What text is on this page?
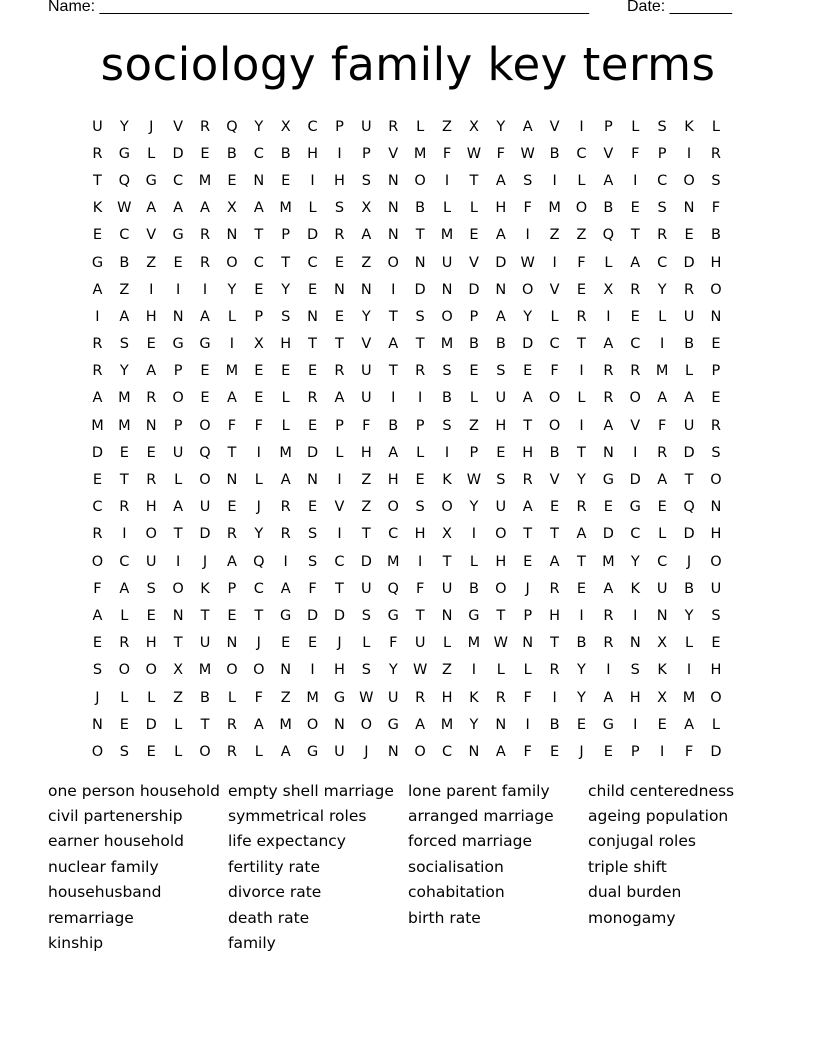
Name: _______________________________________________________ Date: _______
sociology family key terms
U	Y	J	V	R	Q	Y	X	C	P	U	R	L	Z	X	Y	A	V	I	P	L	S	K	L
R	G	L	D	E	B	C	B	H	I	P	V	M	F	W	F	W	B	C	V	F	P	I	R
T	Q	G	C	M	E	N	E	I	H	S	N	O	I	T	A	S	I	L	A	I	C	O	S
K	W	A	A	A	X	A	M	L	S	X	N	B	L	L	H	F	M	O	B	E	S	N	F
E	C	V	G	R	N	T	P	D	R	A	N	T	M	E	A	I	Z	Z	Q	T	R	E	B
G	B	Z	E	R	O	C	T	C	E	Z	O	N	U	V	D W	I	F	L	A	C	D	H
A	Z	I	I	I	Y	E	Y	E	N	N	I	D	N	D	N	O	V	E	X	R	Y	R	O
I	A	H	N	A	L	P	S	N	E	Y	T	S	O	P	A	Y	L	R	I	E	L	U	N
R	S	E	G	G	I	X	H	T	T	V	A	T	M	B	B	D	C	T	A	C	I	B	E
R	Y	A	P	E	M	E	E	E	R	U	T	R	S	E	S	E	F	I	R	R	M	L	P
A	M	R	O	E	A	E	L	R	A	U	I	I	B	L	U	A	O	L	R	O	A	A	E
M M	N	P	O	F	F	L	E	P	F	B	P	S	Z	H	T	O	I	A	V	F	U	R
D	E	E	U	Q	T	I	M	D	L	H	A	L	I	P	E	H	B	T	N	I	R	D	S
E	T	R	L	O	N	L	A	N	I	Z	H	E	K	W	S	R	V	Y	G	D	A	T	O
C	R	H	A	U	E	J	R	E	V	Z	O	S	O	Y	U	A	E	R	E	G	E	Q	N
R	I	O	T	D	R	Y	R	S	I	T	C	H	X	I	O	T	T	A	D	C	L	D	H
O	C	U	I	J	A	Q	I	S	C	D	M	I	T	L	H	E	A	T	M	Y	C	J	O
F	A	S	O	K	P	C	A	F	T	U	Q	F	U	B	O	J	R	E	A	K	U	B	U
A	L	E	N	T	E	T	G	D	D	S	G	T	N	G	T	P	H	I	R	I	N	Y	S
E	R	H	T	U	N	J	E	E	J	L	F	U	L	M W N	T	B	R	N	X	L	E
S	O	O	X	M	O	O	N	I	H	S	Y	W	Z	I	L	L	R	Y	I	S	K	I	H
J	L	L	Z	B	L	F	Z	M	G W U	R	H	K	R	F	I	Y	A	H	X	M	O
N	E	D	L	T	R	A	M	O	N	O	G	A	M	Y	N	I	B	E	G	I	E	A	L
O	S	E	L	O	R	L	A	G	U	J	N	O	C	N	A	F	E	J	E	P	I	F	D
one person household
civil partenership
earner household
nuclear family
househusband
remarriage
kinship
empty shell marriage
symmetrical roles
life expectancy
fertility rate
divorce rate
death rate
family
lone parent family
arranged marriage
forced marriage
socialisation
cohabitation
birth rate
child centeredness
ageing population
conjugal roles
triple shift
dual burden
monogamy
